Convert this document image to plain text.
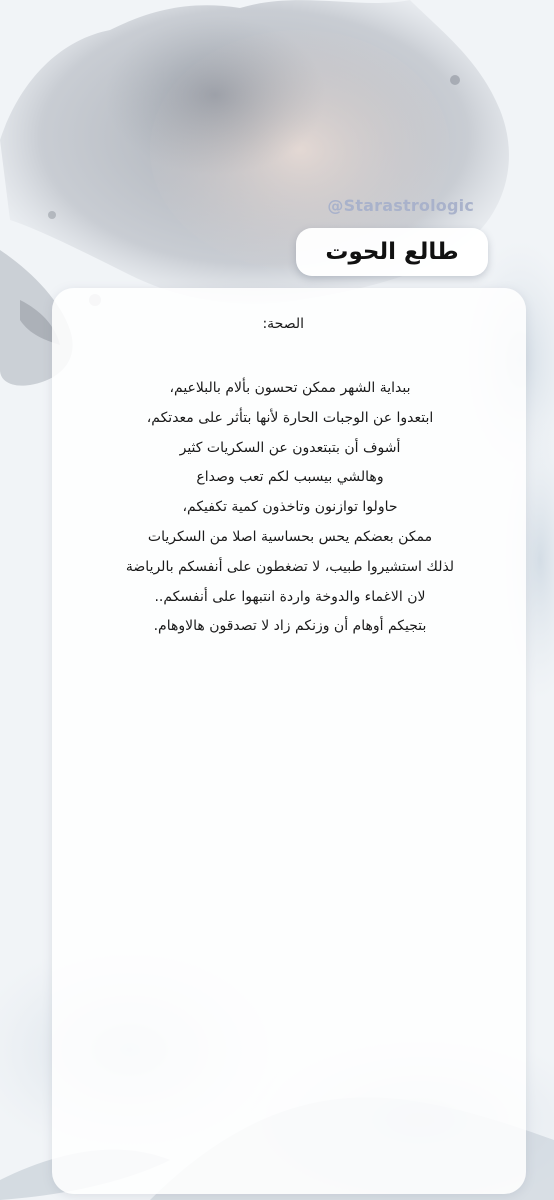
@Starastrologic
طالع الحوت
الصحة:
ببداية الشهر ممكن تحسون بألام بالبلاعيم،
ابتعدوا عن الوجبات الحارة لأنها بتأثر على معدتكم،
أشوف أن بتبتعدون عن السكريات كثير
وهالشي بيسبب لكم تعب وصداع
حاولوا توازنون وتاخذون كمية تكفيكم،
ممكن بعضكم يحس بحساسية اصلا من السكريات
لذلك استشيروا طبيب، لا تضغطون على أنفسكم بالرياضة
لان الاغماء والدوخة واردة انتبهوا على أنفسكم..
بتجيكم أوهام أن وزنكم زاد لا تصدقون هالاوهام.
